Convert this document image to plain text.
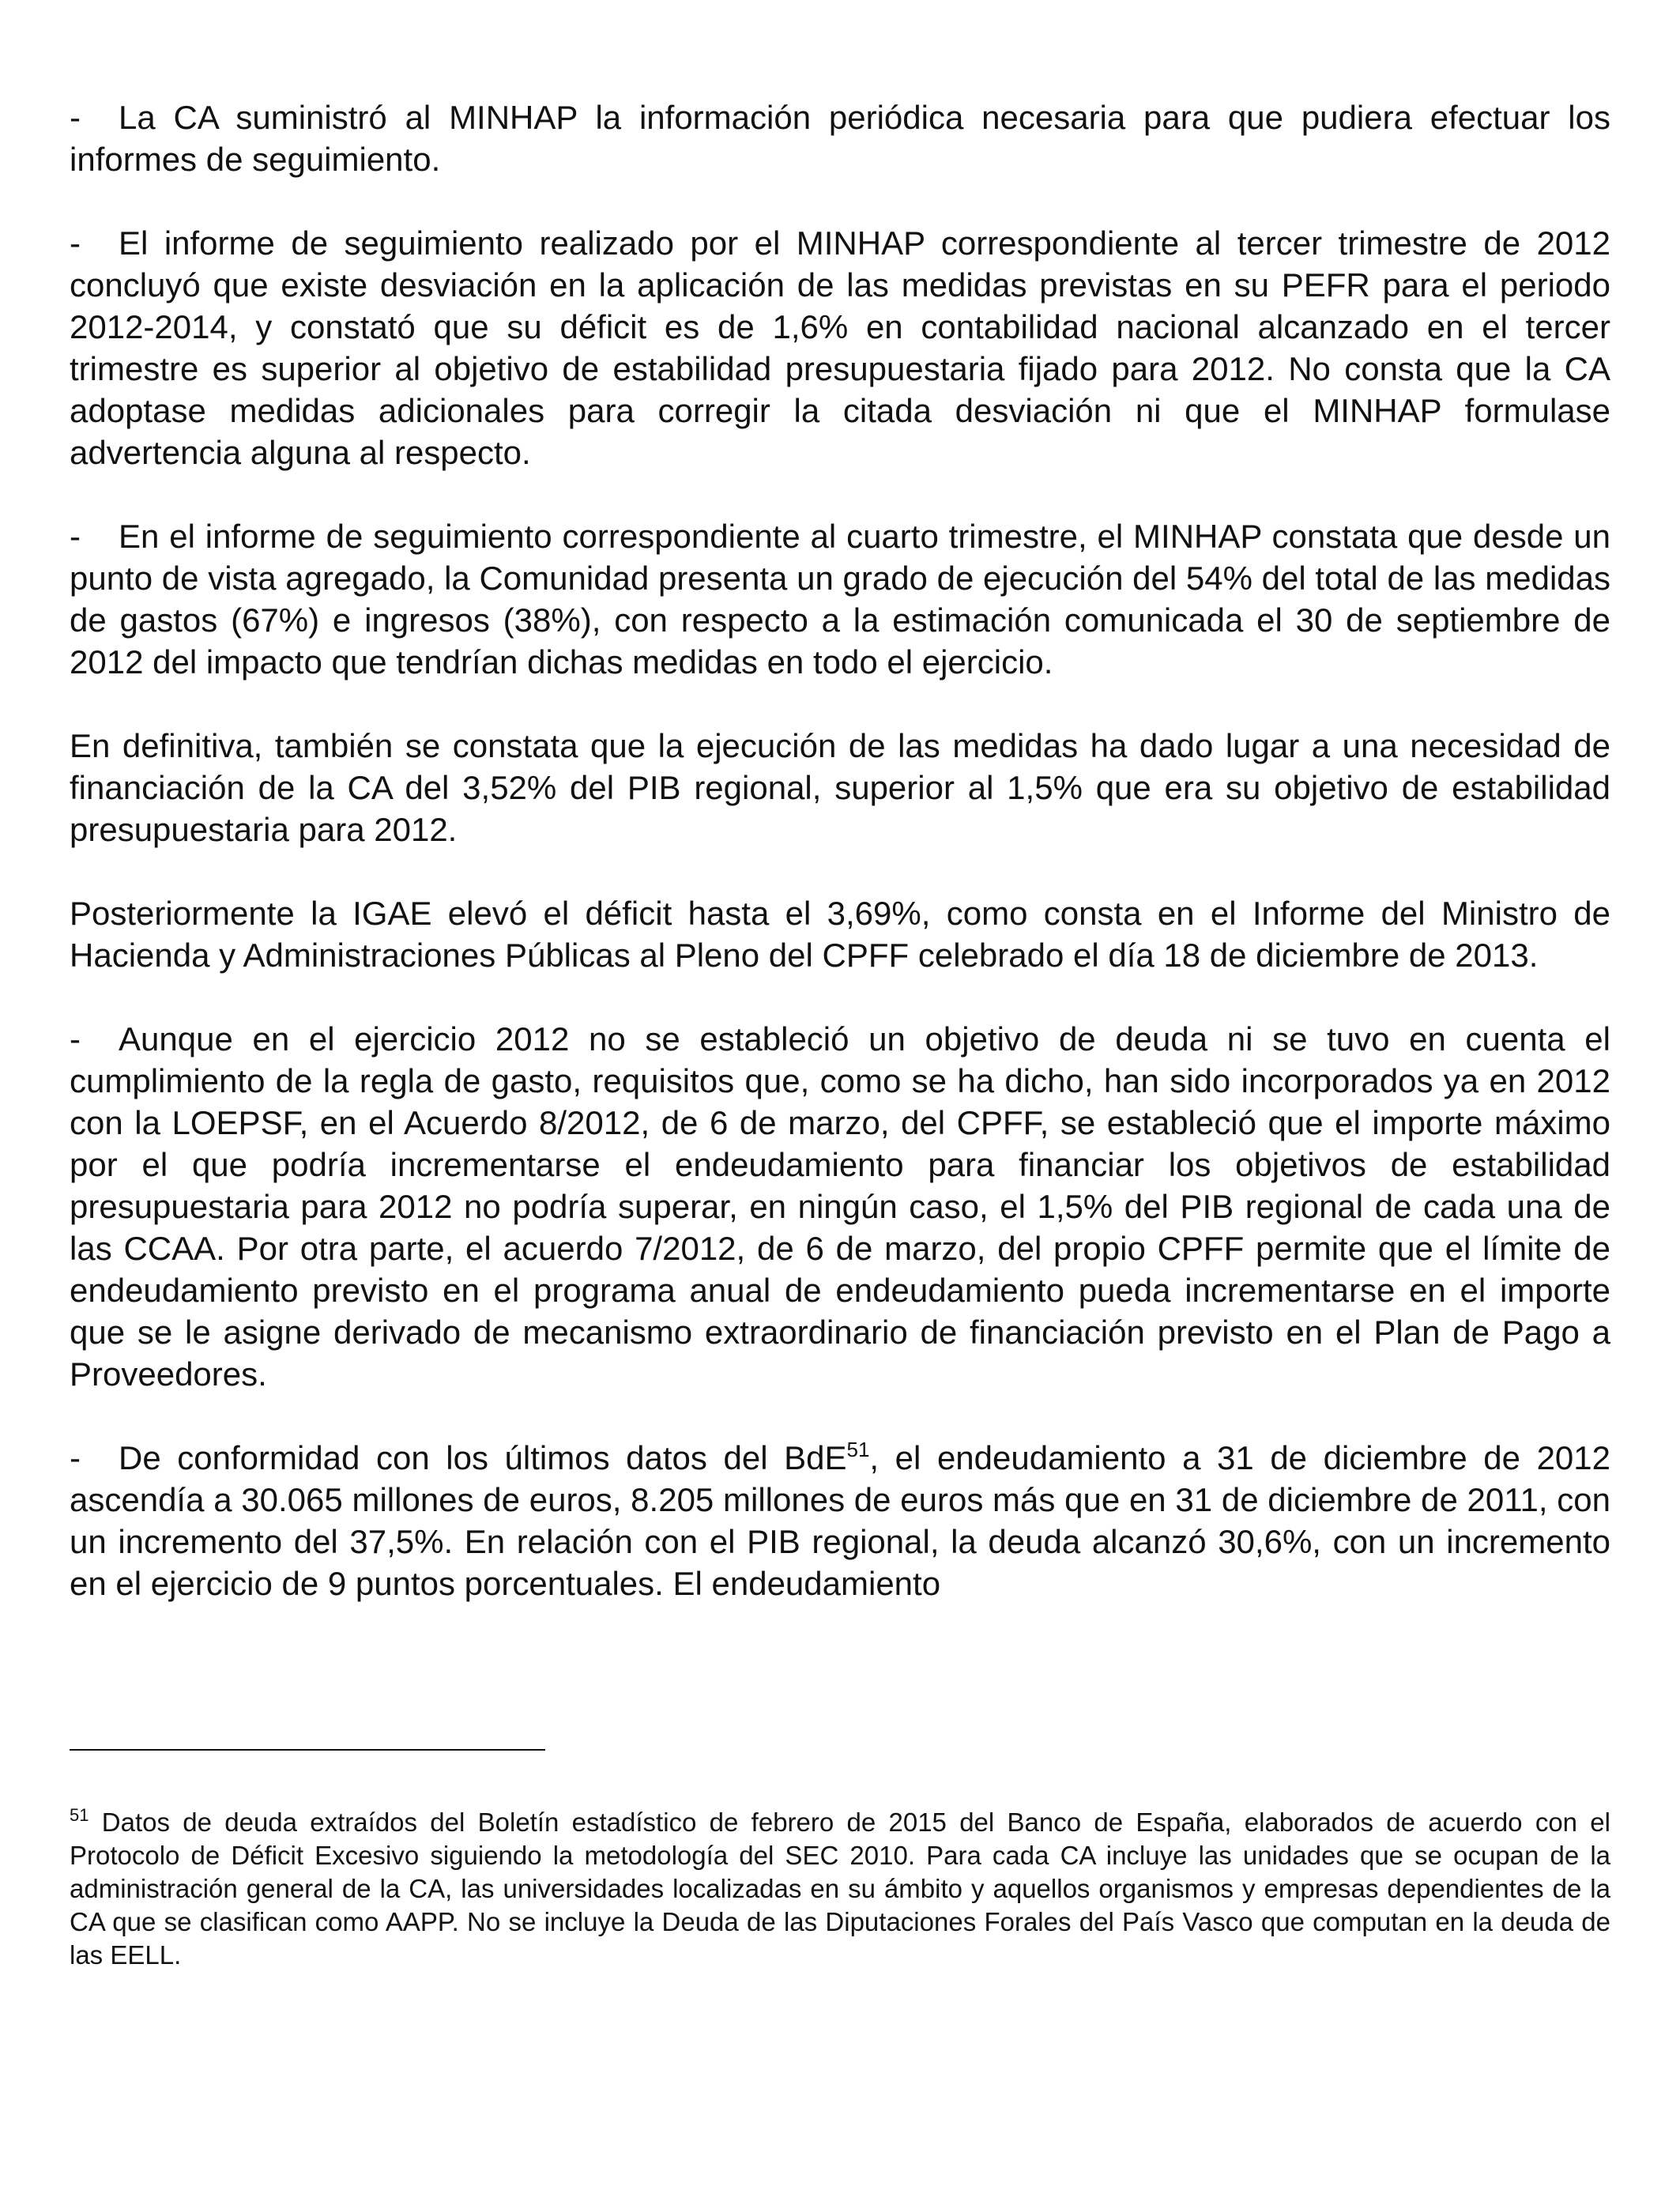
- La CA suministró al MINHAP la información periódica necesaria para que pudiera efectuar los informes de seguimiento.

- El informe de seguimiento realizado por el MINHAP correspondiente al tercer trimestre de 2012 concluyó que existe desviación en la aplicación de las medidas previstas en su PEFR para el periodo 2012-2014, y constató que su déficit es de 1,6% en contabilidad nacional alcanzado en el tercer trimestre es superior al objetivo de estabilidad presupuestaria fijado para 2012. No consta que la CA adoptase medidas adicionales para corregir la citada desviación ni que el MINHAP formulase advertencia alguna al respecto.

- En el informe de seguimiento correspondiente al cuarto trimestre, el MINHAP constata que desde un punto de vista agregado, la Comunidad presenta un grado de ejecución del 54% del total de las medidas de gastos (67%) e ingresos (38%), con respecto a la estimación comunicada el 30 de septiembre de 2012 del impacto que tendrían dichas medidas en todo el ejercicio.

En definitiva, también se constata que la ejecución de las medidas ha dado lugar a una necesidad de financiación de la CA del 3,52% del PIB regional, superior al 1,5% que era su objetivo de estabilidad presupuestaria para 2012.

Posteriormente la IGAE elevó el déficit hasta el 3,69%, como consta en el Informe del Ministro de Hacienda y Administraciones Públicas al Pleno del CPFF celebrado el día 18 de diciembre de 2013.

- Aunque en el ejercicio 2012 no se estableció un objetivo de deuda ni se tuvo en cuenta el cumplimiento de la regla de gasto, requisitos que, como se ha dicho, han sido incorporados ya en 2012 con la LOEPSF, en el Acuerdo 8/2012, de 6 de marzo, del CPFF, se estableció que el importe máximo por el que podría incrementarse el endeudamiento para financiar los objetivos de estabilidad presupuestaria para 2012 no podría superar, en ningún caso, el 1,5% del PIB regional de cada una de las CCAA. Por otra parte, el acuerdo 7/2012, de 6 de marzo, del propio CPFF permite que el límite de endeudamiento previsto en el programa anual de endeudamiento pueda incrementarse en el importe que se le asigne derivado de mecanismo extraordinario de financiación previsto en el Plan de Pago a Proveedores.

- De conformidad con los últimos datos del BdE$^{51}$, el endeudamiento a 31 de diciembre de 2012 ascendía a 30.065 millones de euros, 8.205 millones de euros más que en 31 de diciembre de 2011, con un incremento del 37,5%. En relación con el PIB regional, la deuda alcanzó 30,6%, con un incremento en el ejercicio de 9 puntos porcentuales. El endeudamiento

$^{51}$ Datos de deuda extraídos del Boletín estadístico de febrero de 2015 del Banco de España, elaborados de acuerdo con el Protocolo de Déficit Excesivo siguiendo la metodología del SEC 2010. Para cada CA incluye las unidades que se ocupan de la administración general de la CA, las universidades localizadas en su ámbito y aquellos organismos y empresas dependientes de la CA que se clasifican como AAPP. No se incluye la Deuda de las Diputaciones Forales del País Vasco que computan en la deuda de las EELL.
